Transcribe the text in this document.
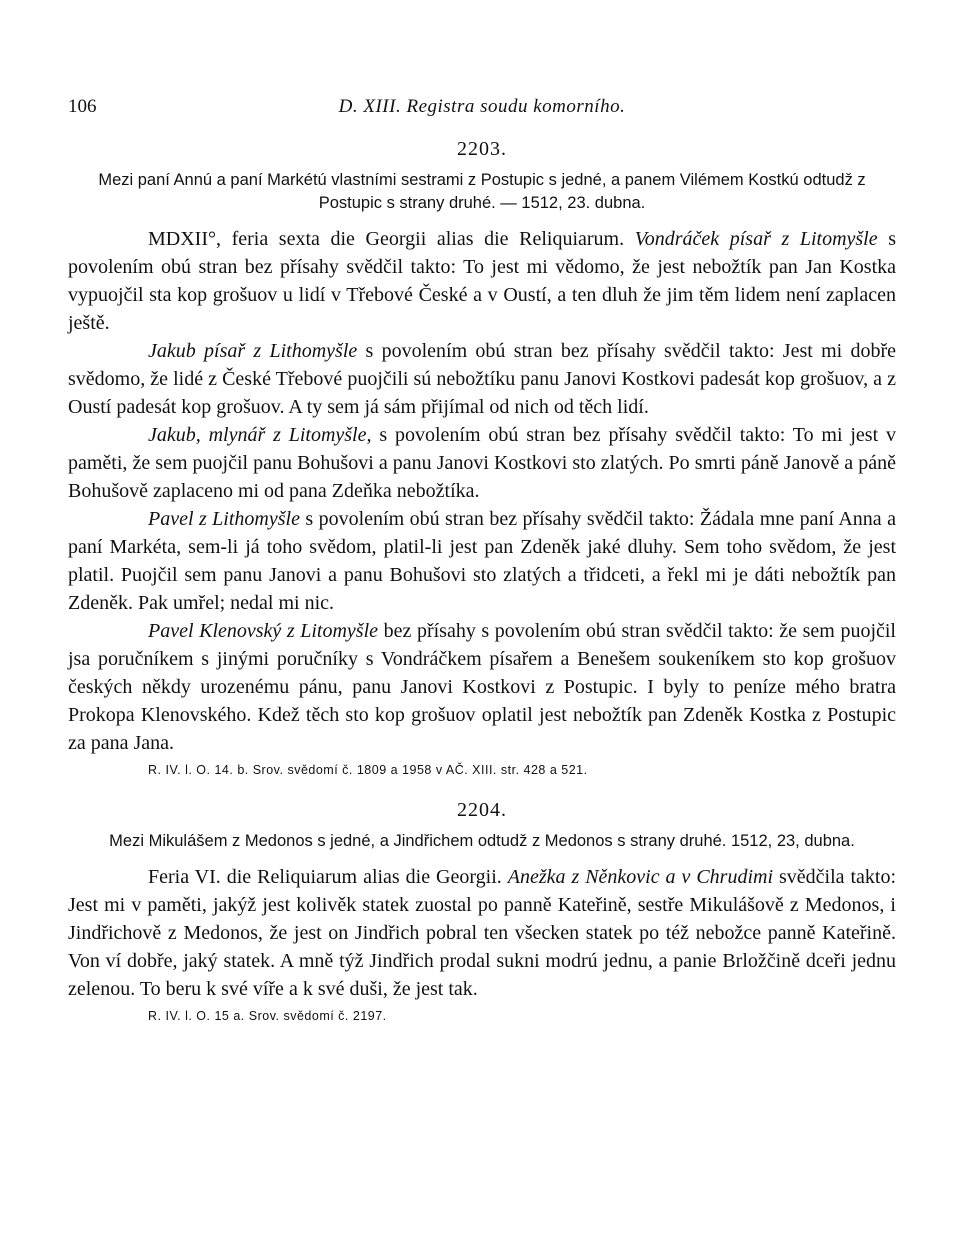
106	D. XIII. Registra soudu komorního.
2203.
Mezi paní Annú a paní Markétú vlastními sestrami z Postupic s jedné, a panem Vilémem Kostkú odtudž z Postupic s strany druhé. — 1512, 23. dubna.

MDXII°, feria sexta die Georgii alias die Reliquiarum. Vondráček písař z Litomyšle s povolením obú stran bez přísahy svědčil takto: To jest mi vědomo, že jest nebožtík pan Jan Kostka vypuojčil sta kop grošuov u lidí v Třebové České a v Oustí, a ten dluh že jim těm lidem není zaplacen ještě.

Jakub písař z Lithomyšle s povolením obú stran bez přísahy svědčil takto: Jest mi dobře svědomo, že lidé z České Třebové puojčili sú nebožtíku panu Janovi Kostkovi padesát kop grošuov, a z Oustí padesát kop grošuov. A ty sem já sám přijímal od nich od těch lidí.

Jakub, mlynář z Litomyšle, s povolením obú stran bez přísahy svědčil takto: To mi jest v paměti, že sem puojčil panu Bohušovi a panu Janovi Kostkovi sto zlatých. Po smrti páně Janově a páně Bohušově zaplaceno mi od pana Zdeňka nebožtíka.

Pavel z Lithomyšle s povolením obú stran bez přísahy svědčil takto: Žádala mne paní Anna a paní Markéta, sem-li já toho svědom, platil-li jest pan Zdeněk jaké dluhy. Sem toho svědom, že jest platil. Puojčil sem panu Janovi a panu Bohušovi sto zlatých a třidceti, a řekl mi je dáti nebožtík pan Zdeněk. Pak umřel; nedal mi nic.

Pavel Klenovský z Litomyšle bez přísahy s povolením obú stran svědčil takto: že sem puojčil jsa poručníkem s jinými poručníky s Vondráčkem písařem a Benešem soukeníkem sto kop grošuov českých někdy urozenému pánu, panu Janovi Kostkovi z Postupic. I byly to peníze mého bratra Prokopa Klenovského. Kdež těch sto kop grošuov oplatil jest nebožtík pan Zdeněk Kostka z Postupic za pana Jana.

R. IV. l. O. 14. b. Srov. svědomí č. 1809 a 1958 v AČ. XIII. str. 428 a 521.
2204.
Mezi Mikulášem z Medonos s jedné, a Jindřichem odtudž z Medonos s strany druhé. 1512, 23, dubna.

Feria VI. die Reliquiarum alias die Georgii. Anežka z Něnkovic a v Chrudimi svědčila takto: Jest mi v paměti, jakýž jest kolivěk statek zuostal po panně Kateřině, sestře Mikulášově z Medonos, i Jindřichově z Medonos, že jest on Jindřich pobral ten všecken statek po též nebožce panně Kateřině. Von ví dobře, jaký statek. A mně týž Jindřich prodal sukni modrú jednu, a panie Brložčině dceři jednu zelenou. To beru k své víře a k své duši, že jest tak.

R. IV. l. O. 15 a. Srov. svědomí č. 2197.
